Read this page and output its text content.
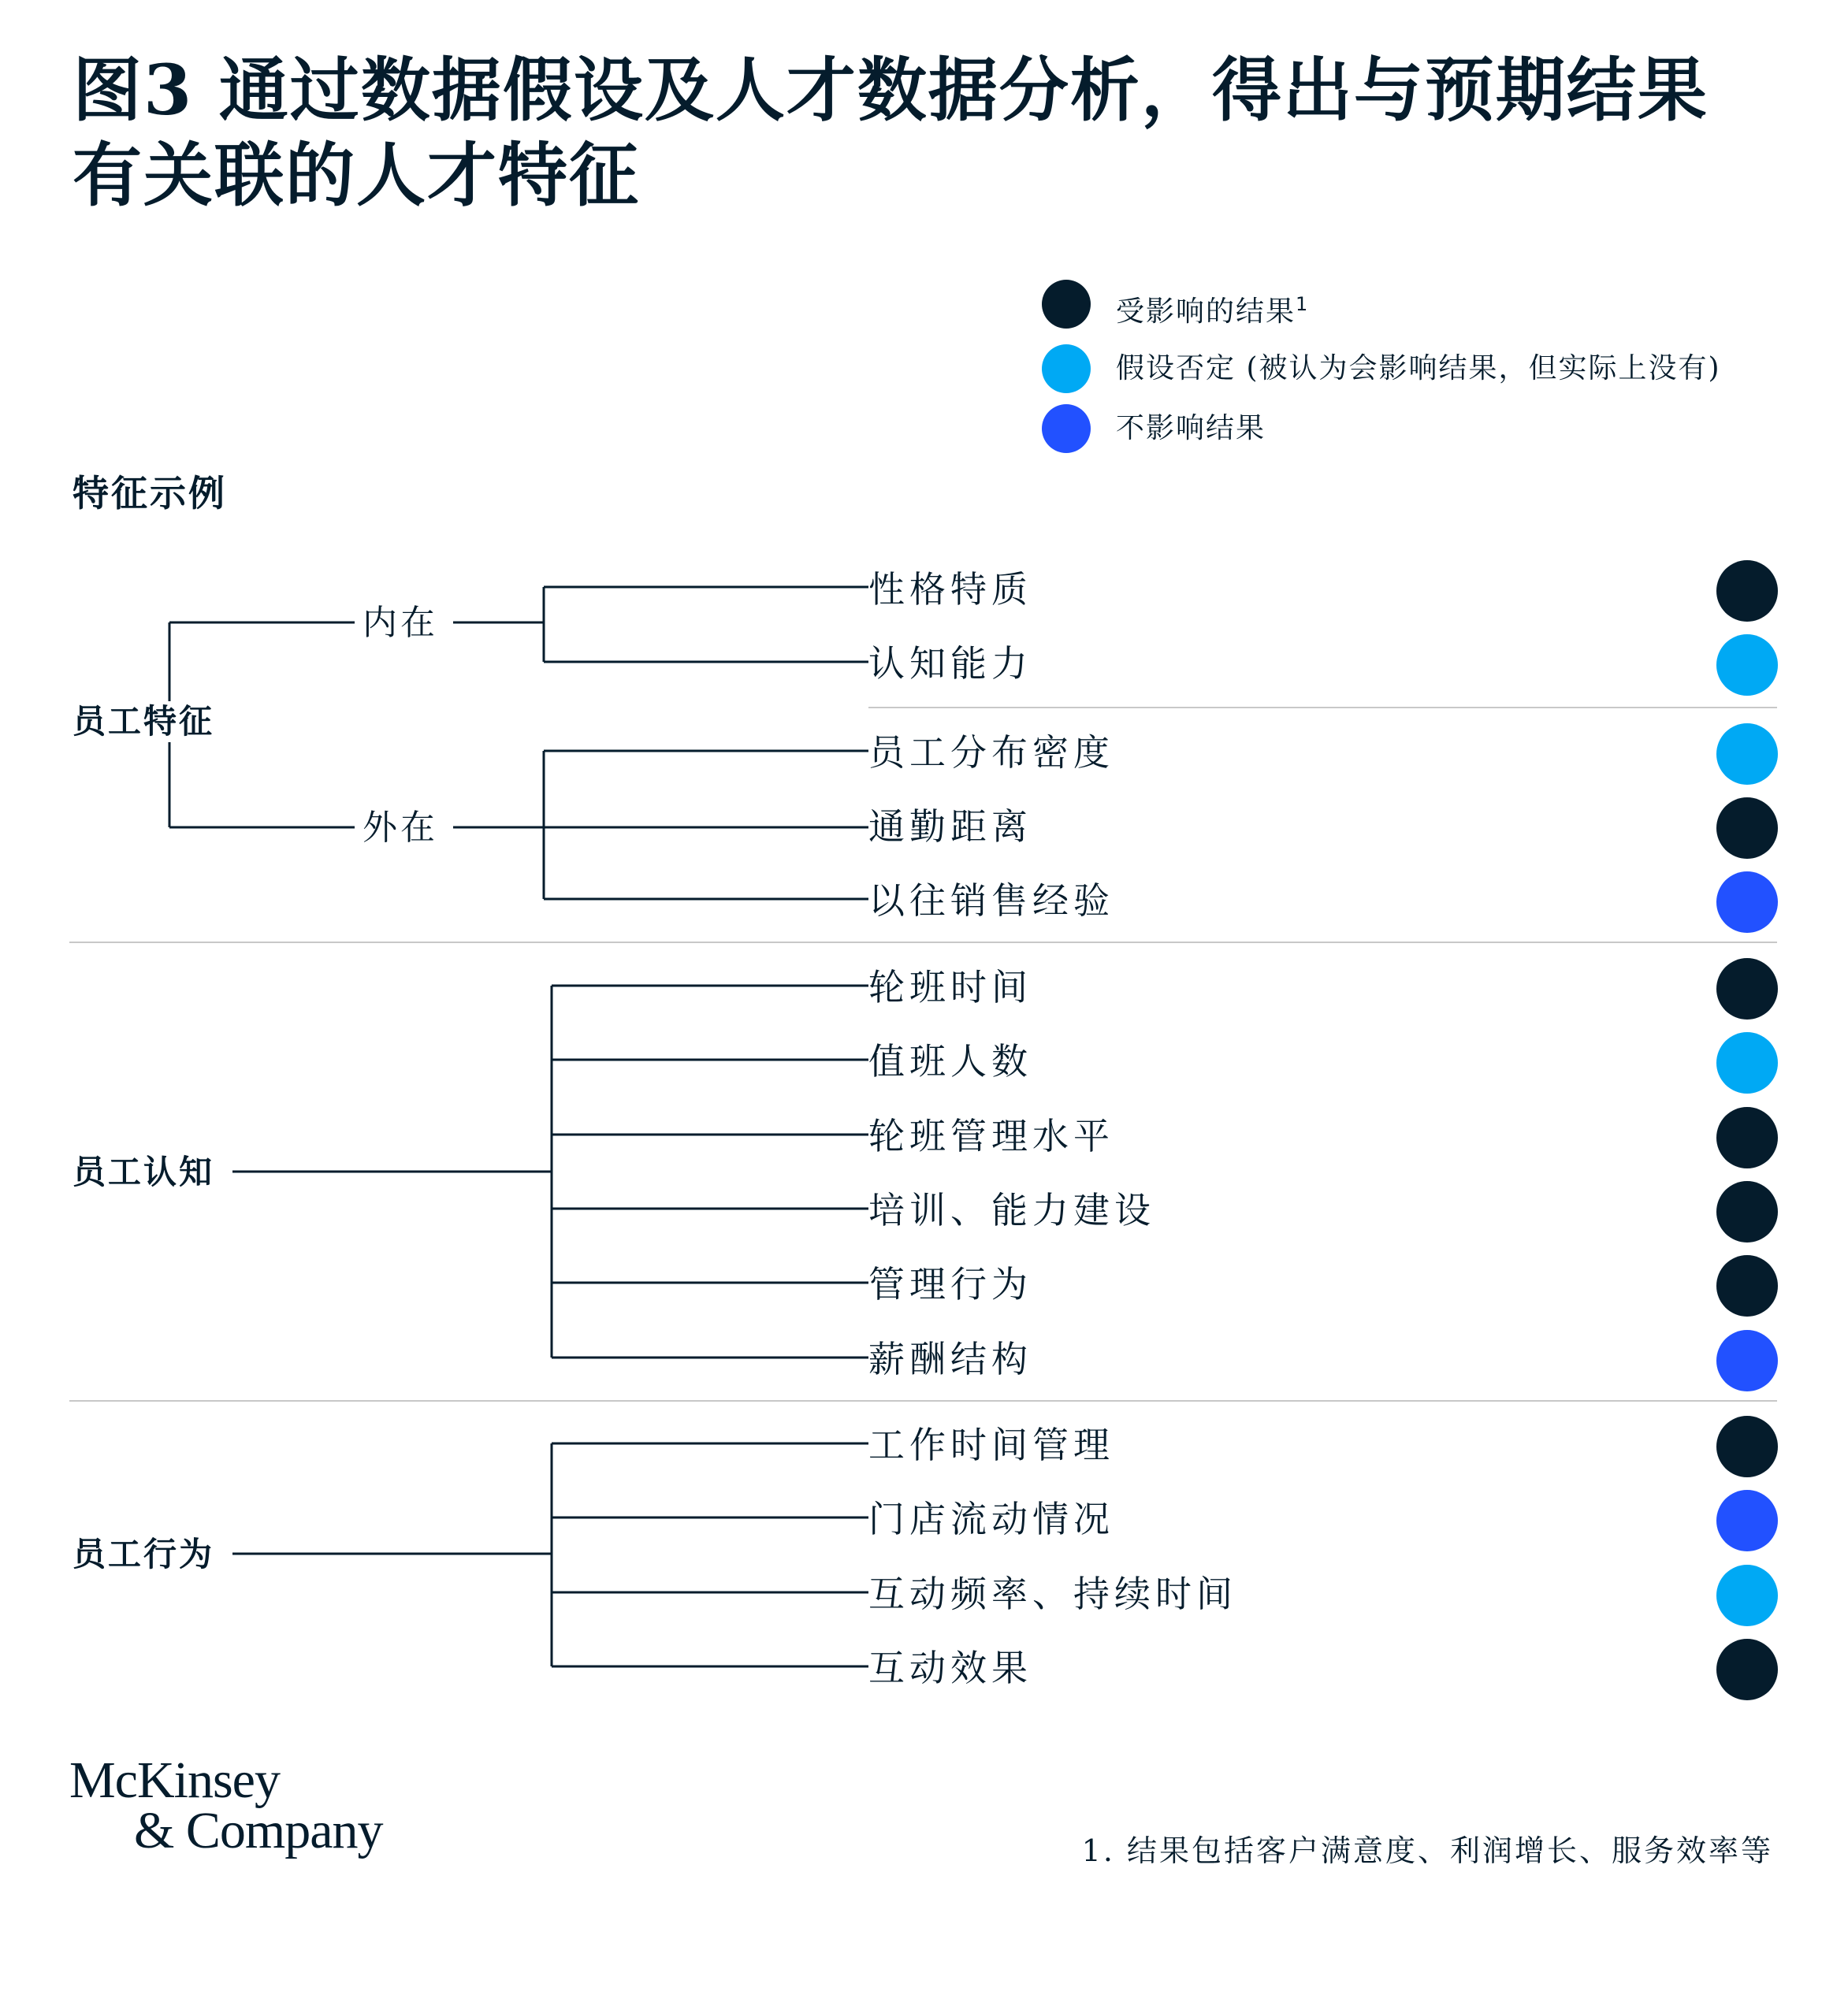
图3 通过数据假设及人才数据分析，得出与预期结果
有关联的人才特征
受影响的结果$^1$
假设否定 (被认为会影响结果，但实际上没有)
不影响结果
特征示例
员工特征
员工认知
员工行为
内在
外在
性格特质
认知能力
员工分布密度
通勤距离
以往销售经验
轮班时间
值班人数
轮班管理水平
培训、能力建设
管理行为
薪酬结构
工作时间管理
门店流动情况
互动频率、持续时间
互动效果
McKinsey
& Company	1. 结果包括客户满意度、利润增长、服务效率等
